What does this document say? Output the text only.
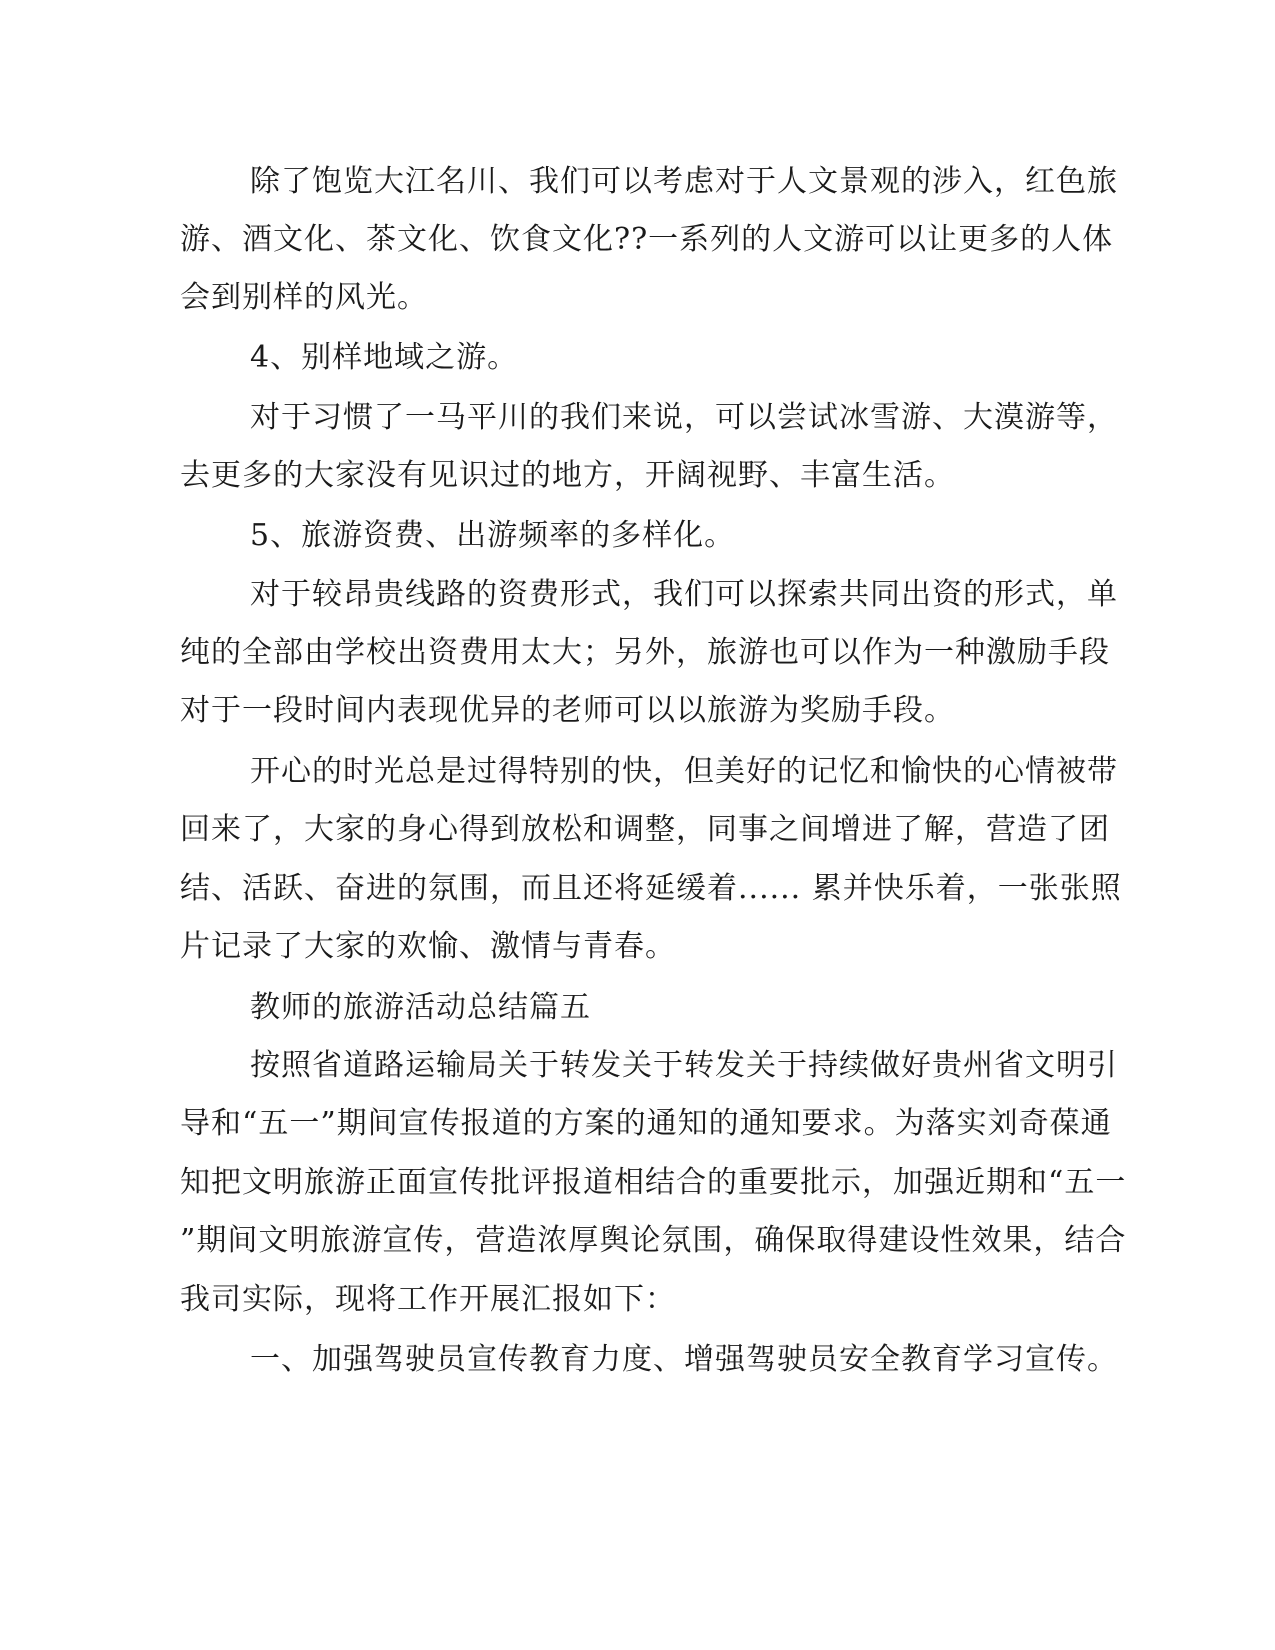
除了饱览大江名川、我们可以考虑对于人文景观的涉入，红色旅
游、酒文化、茶文化、饮食文化??一系列的人文游可以让更多的人体
会到别样的风光。
4、别样地域之游。
对于习惯了一马平川的我们来说，可以尝试冰雪游、大漠游等，
去更多的大家没有见识过的地方，开阔视野、丰富生活。
5、旅游资费、出游频率的多样化。
对于较昂贵线路的资费形式，我们可以探索共同出资的形式，单
纯的全部由学校出资费用太大；另外，旅游也可以作为一种激励手段
对于一段时间内表现优异的老师可以以旅游为奖励手段。
开心的时光总是过得特别的快，但美好的记忆和愉快的心情被带
回来了，大家的身心得到放松和调整，同事之间增进了解，营造了团
结、活跃、奋进的氛围，而且还将延缓着...... 累并快乐着，一张张照
片记录了大家的欢愉、激情与青春。
教师的旅游活动总结篇五
按照省道路运输局关于转发关于转发关于持续做好贵州省文明引
导和“五一”期间宣传报道的方案的通知的通知要求。为落实刘奇葆通
知把文明旅游正面宣传批评报道相结合的重要批示，加强近期和“五一
”期间文明旅游宣传，营造浓厚舆论氛围，确保取得建设性效果，结合
我司实际，现将工作开展汇报如下：
一、加强驾驶员宣传教育力度、增强驾驶员安全教育学习宣传。
